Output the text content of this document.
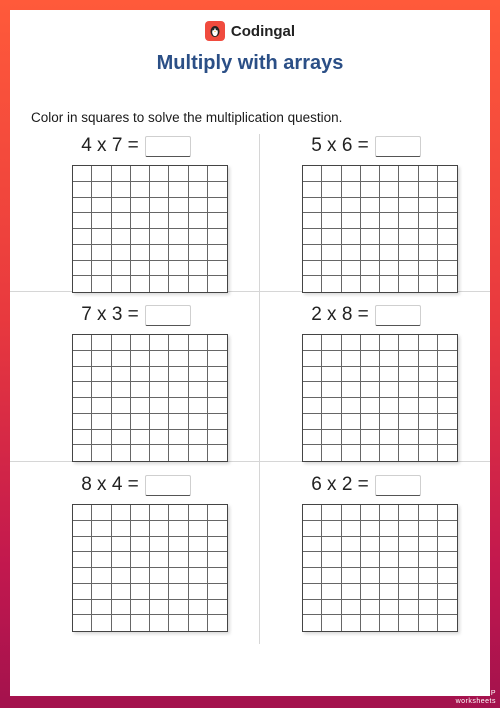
Codingal
Multiply with arrays
Color in squares to solve the multiplication question.
4 x 7 =	5 x 6 =
7 x 3 =	2 x 8 =
8 x 4 =	6 x 2 =
TOP
worksheets
